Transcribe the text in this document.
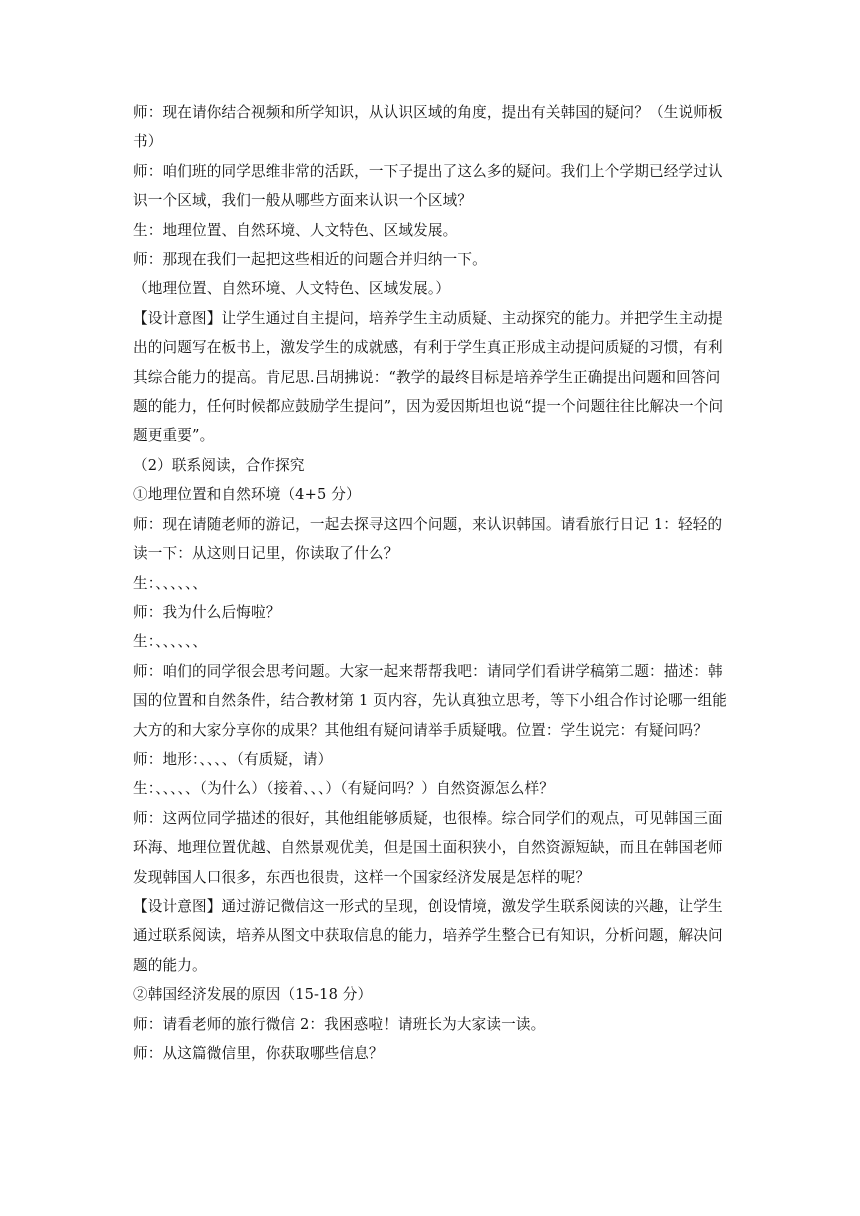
师：现在请你结合视频和所学知识，从认识区域的角度，提出有关韩国的疑问？（生说师板书）

师：咱们班的同学思维非常的活跃，一下子提出了这么多的疑问。我们上个学期已经学过认识一个区域，我们一般从哪些方面来认识一个区域？

生：地理位置、自然环境、人文特色、区域发展。

师：那现在我们一起把这些相近的问题合并归纳一下。

（地理位置、自然环境、人文特色、区域发展。）

【设计意图】让学生通过自主提问，培养学生主动质疑、主动探究的能力。并把学生主动提出的问题写在板书上，激发学生的成就感，有利于学生真正形成主动提问质疑的习惯，有利其综合能力的提高。肯尼思.吕胡拂说：“教学的最终目标是培养学生正确提出问题和回答问题的能力，任何时候都应鼓励学生提问”，因为爱因斯坦也说“提一个问题往往比解决一个问题更重要”。

（2）联系阅读，合作探究

①地理位置和自然环境（4+5 分）

师：现在请随老师的游记，一起去探寻这四个问题，来认识韩国。请看旅行日记 1：轻轻的读一下：从这则日记里，你读取了什么？

生：、、、、、、

师：我为什么后悔啦？

生：、、、、、、

师：咱们的同学很会思考问题。大家一起来帮帮我吧：请同学们看讲学稿第二题：描述：韩国的位置和自然条件，结合教材第 1 页内容，先认真独立思考，等下小组合作讨论哪一组能大方的和大家分享你的成果？其他组有疑问请举手质疑哦。位置：学生说完：有疑问吗？

师：地形：、、、、（有质疑，请）

生：、、、、、（为什么）（接着、、、）（有疑问吗？）自然资源怎么样？

师：这两位同学描述的很好，其他组能够质疑，也很棒。综合同学们的观点，可见韩国三面环海、地理位置优越、自然景观优美，但是国土面积狭小，自然资源短缺，而且在韩国老师发现韩国人口很多，东西也很贵，这样一个国家经济发展是怎样的呢？

【设计意图】通过游记微信这一形式的呈现，创设情境，激发学生联系阅读的兴趣，让学生通过联系阅读，培养从图文中获取信息的能力，培养学生整合已有知识，分析问题，解决问题的能力。

②韩国经济发展的原因（15-18 分）

师：请看老师的旅行微信 2：我困惑啦！请班长为大家读一读。

师：从这篇微信里，你获取哪些信息？
